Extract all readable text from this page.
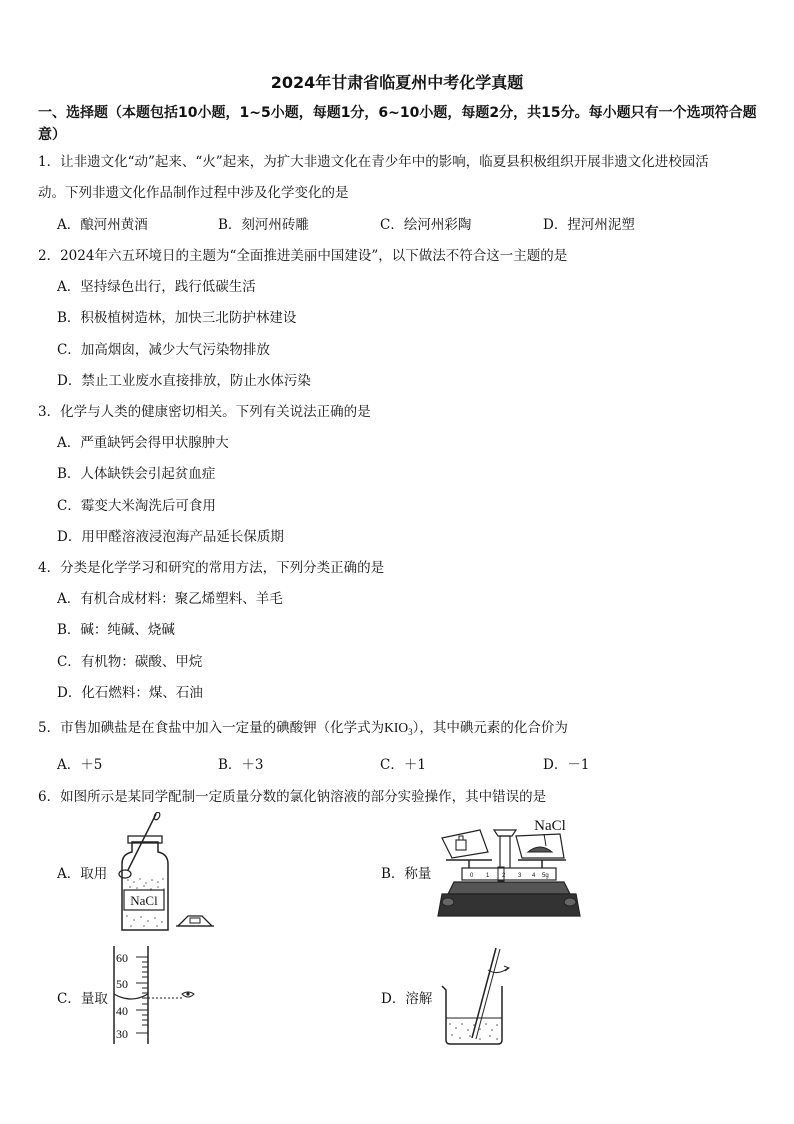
2024年甘肃省临夏州中考化学真题
一、选择题（本题包括10小题，1~5小题，每题1分，6~10小题，每题2分，共15分。每小题只有一个选项符合题意）
1．让非遗文化“动”起来、“火”起来，为扩大非遗文化在青少年中的影响，临夏县积极组织开展非遗文化进校园活
动。下列非遗文化作品制作过程中涉及化学变化的是
A．酿河州黄酒	B．刻河州砖雕	C．绘河州彩陶	D．捏河州泥塑
2．2024年六五环境日的主题为“全面推进美丽中国建设”，以下做法不符合这一主题的是
A．坚持绿色出行，践行低碳生活
B．积极植树造林，加快三北防护林建设
C．加高烟囱，减少大气污染物排放
D．禁止工业废水直接排放，防止水体污染
3．化学与人类的健康密切相关。下列有关说法正确的是
A．严重缺钙会得甲状腺肿大
B．人体缺铁会引起贫血症
C．霉变大米淘洗后可食用
D．用甲醛溶液浸泡海产品延长保质期
4．分类是化学学习和研究的常用方法，下列分类正确的是
A．有机合成材料：聚乙烯塑料、羊毛
B．碱：纯碱、烧碱
C．有机物：碳酸、甲烷
D．化石燃料：煤、石油
5．市售加碘盐是在食盐中加入一定量的碘酸钾（化学式为$KIO_3$），其中碘元素的化合价为
A．＋5	B．＋3	C．＋1	D．－1
6．如图所示是某同学配制一定质量分数的氯化钠溶液的部分实验操作，其中错误的是
A．取用
NaCl
B．称量
NaCl
0 1 2 3 4 5g
C．量取
60
50
40
30
D．溶解
